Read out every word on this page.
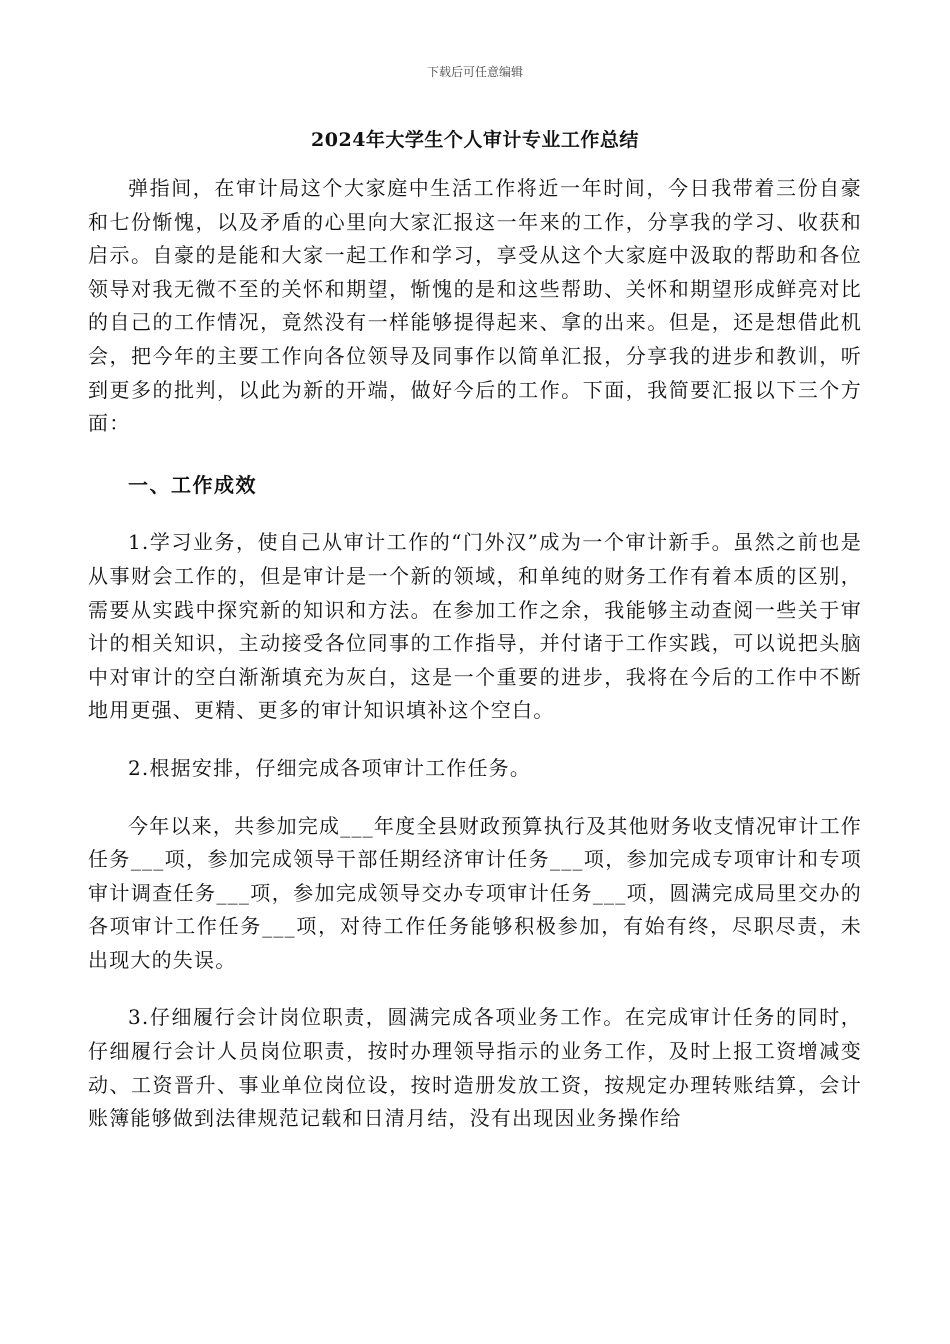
下载后可任意编辑
2024年大学生个人审计专业工作总结

弹指间，在审计局这个大家庭中生活工作将近一年时间，今日我带着三份自豪和七份惭愧，以及矛盾的心里向大家汇报这一年来的工作，分享我的学习、收获和启示。自豪的是能和大家一起工作和学习，享受从这个大家庭中汲取的帮助和各位领导对我无微不至的关怀和期望，惭愧的是和这些帮助、关怀和期望形成鲜亮对比的自己的工作情况，竟然没有一样能够提得起来、拿的出来。但是，还是想借此机会，把今年的主要工作向各位领导及同事作以简单汇报，分享我的进步和教训，听到更多的批判，以此为新的开端，做好今后的工作。下面，我简要汇报以下三个方面：

一、工作成效

1.学习业务，使自己从审计工作的“门外汉”成为一个审计新手。虽然之前也是从事财会工作的，但是审计是一个新的领域，和单纯的财务工作有着本质的区别，需要从实践中探究新的知识和方法。在参加工作之余，我能够主动查阅一些关于审计的相关知识，主动接受各位同事的工作指导，并付诸于工作实践，可以说把头脑中对审计的空白渐渐填充为灰白，这是一个重要的进步，我将在今后的工作中不断地用更强、更精、更多的审计知识填补这个空白。

2.根据安排，仔细完成各项审计工作任务。

今年以来，共参加完成___年度全县财政预算执行及其他财务收支情况审计工作任务___项，参加完成领导干部任期经济审计任务___项，参加完成专项审计和专项审计调查任务___项，参加完成领导交办专项审计任务___项，圆满完成局里交办的各项审计工作任务___项，对待工作任务能够积极参加，有始有终，尽职尽责，未出现大的失误。

3.仔细履行会计岗位职责，圆满完成各项业务工作。在完成审计任务的同时，仔细履行会计人员岗位职责，按时办理领导指示的业务工作，及时上报工资增减变动、工资晋升、事业单位岗位设，按时造册发放工资，按规定办理转账结算，会计账簿能够做到法律规范记载和日清月结，没有出现因业务操作给
